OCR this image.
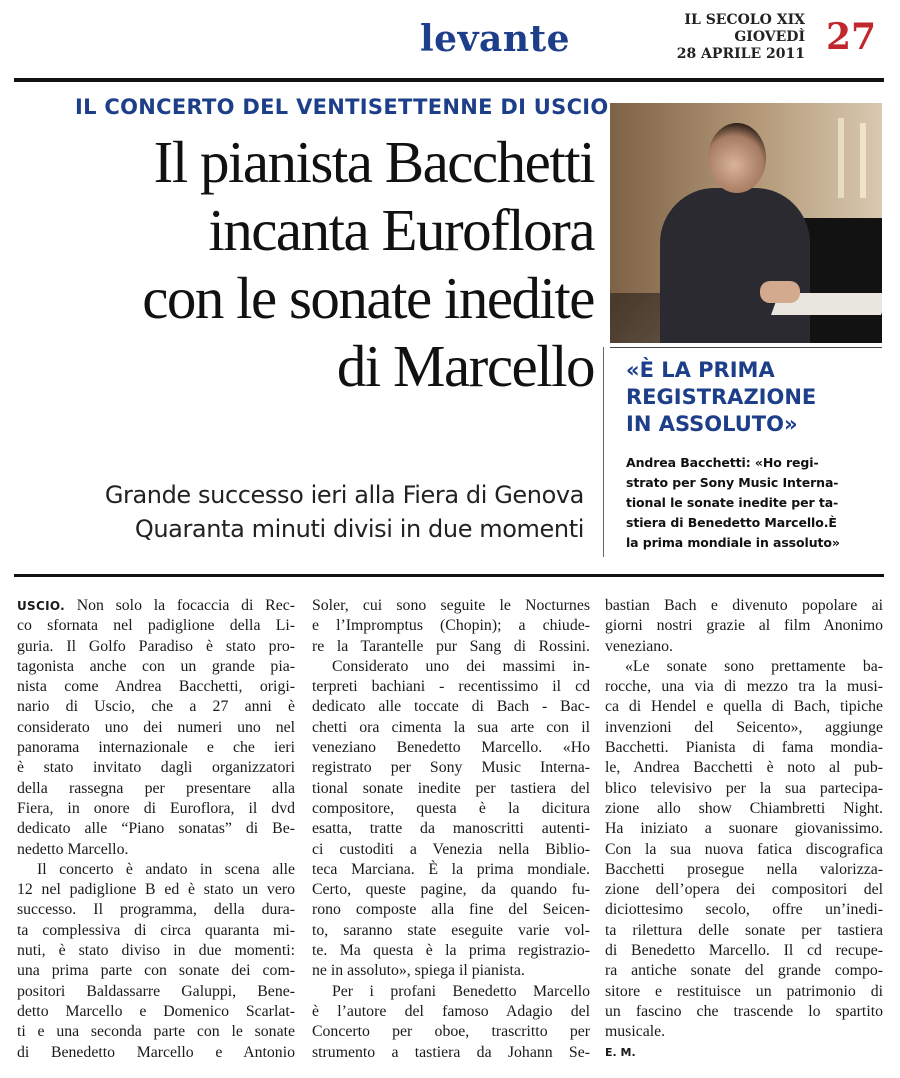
levante	IL SECOLO XIX
GIOVEDÌ
28 APRILE 2011 27
IL CONCERTO DEL VENTISETTENNE DI USCIO
Il pianista Bacchetti
incanta Euroflora
con le sonate inedite
di Marcello
Grande successo ieri alla Fiera di Genova
Quaranta minuti divisi in due momenti
«È LA PRIMA
REGISTRAZIONE
IN ASSOLUTO»
Andrea Bacchetti: «Ho regi-
strato per Sony Music Interna-
tional le sonate inedite per ta-
stiera di Benedetto Marcello.È
la prima mondiale in assoluto»
USCIO. Non solo la focaccia di Rec-
co sfornata nel padiglione della Li-
guria. Il Golfo Paradiso è stato pro-
tagonista anche con un grande pia-
nista come Andrea Bacchetti, origi-
nario di Uscio, che a 27 anni è
considerato uno dei numeri uno nel
panorama internazionale e che ieri
è stato invitato dagli organizzatori
della rassegna per presentare alla
Fiera, in onore di Euroflora, il dvd
dedicato alle “Piano sonatas” di Be-
nedetto Marcello.
Il concerto è andato in scena alle
12 nel padiglione B ed è stato un vero
successo. Il programma, della dura-
ta complessiva di circa quaranta mi-
nuti, è stato diviso in due momenti:
una prima parte con sonate dei com-
positori Baldassarre Galuppi, Bene-
detto Marcello e Domenico Scarlat-
ti e una seconda parte con le sonate
di Benedetto Marcello e Antonio
Soler, cui sono seguite le Nocturnes
e l’Impromptus (Chopin); a chiude-
re la Tarantelle pur Sang di Rossini.
Considerato uno dei massimi in-
terpreti bachiani - recentissimo il cd
dedicato alle toccate di Bach - Bac-
chetti ora cimenta la sua arte con il
veneziano Benedetto Marcello. «Ho
registrato per Sony Music Interna-
tional sonate inedite per tastiera del
compositore, questa è la dicitura
esatta, tratte da manoscritti autenti-
ci custoditi a Venezia nella Biblio-
teca Marciana. È la prima mondiale.
Certo, queste pagine, da quando fu-
rono composte alla fine del Seicen-
to, saranno state eseguite varie vol-
te. Ma questa è la prima registrazio-
ne in assoluto», spiega il pianista.
Per i profani Benedetto Marcello
è l’autore del famoso Adagio del
Concerto per oboe, trascritto per
strumento a tastiera da Johann Se-
bastian Bach e divenuto popolare ai
giorni nostri grazie al film Anonimo
veneziano.
«Le sonate sono prettamente ba-
rocche, una via di mezzo tra la musi-
ca di Hendel e quella di Bach, tipiche
invenzioni del Seicento», aggiunge
Bacchetti. Pianista di fama mondia-
le, Andrea Bacchetti è noto al pub-
blico televisivo per la sua partecipa-
zione allo show Chiambretti Night.
Ha iniziato a suonare giovanissimo.
Con la sua nuova fatica discografica
Bacchetti prosegue nella valorizza-
zione dell’opera dei compositori del
diciottesimo secolo, offre un’inedi-
ta rilettura delle sonate per tastiera
di Benedetto Marcello. Il cd recupe-
ra antiche sonate del grande compo-
sitore e restituisce un patrimonio di
un fascino che trascende lo spartito
musicale.
E. M.
